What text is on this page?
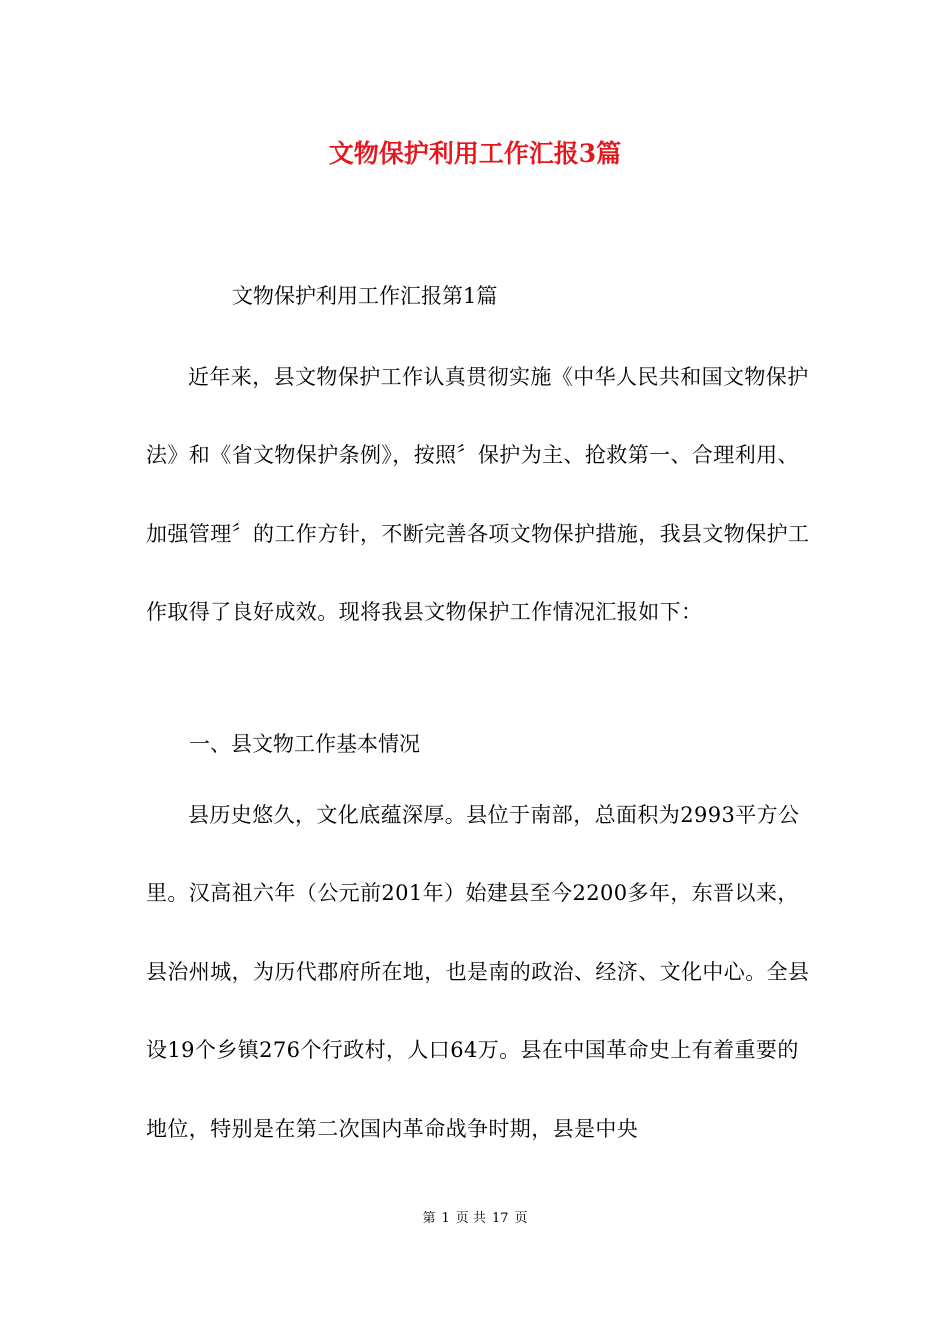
文物保护利用工作汇报3篇
文物保护利用工作汇报第1篇

近年来，县文物保护工作认真贯彻实施《中华人民共和国文物保护法》和《省文物保护条例》，按照〞保护为主、抢救第一、合理利用、加强管理〞的工作方针，不断完善各项文物保护措施，我县文物保护工作取得了良好成效。现将我县文物保护工作情况汇报如下：

一、县文物工作基本情况

县历史悠久，文化底蕴深厚。县位于南部，总面积为2993平方公里。汉高祖六年（公元前201年）始建县至今2200多年，东晋以来，县治州城，为历代郡府所在地，也是南的政治、经济、文化中心。全县设19个乡镇276个行政村，人口64万。县在中国革命史上有着重要的地位，特别是在第二次国内革命战争时期，县是中央

第 1 页 共 17 页
